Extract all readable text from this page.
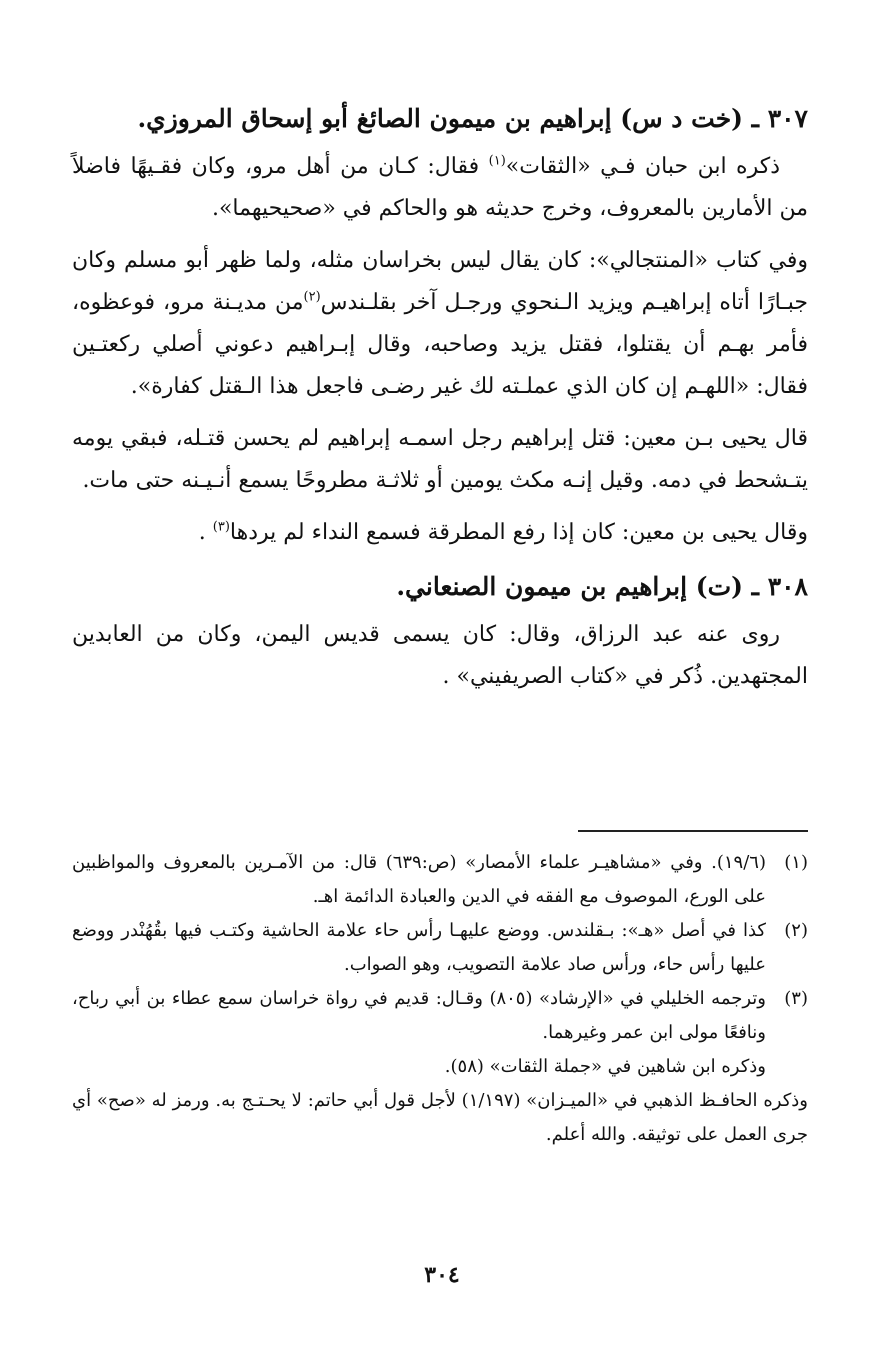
٣٠٧ ـ (خت د س) إبراهيم بن ميمون الصائغ أبو إسحاق المروزي.

ذكره ابن حبان فـي «الثقات»$^{(١)}$ فقال: كـان من أهل مرو، وكان فقـيهًا فاضلاً من الأمارين بالمعروف، وخرج حديثه هو والحاكم في «صحيحيهما».

وفي كتاب «المنتجالي»: كان يقال ليس بخراسان مثله، ولما ظهر أبو مسلم وكان جبـارًا أتاه إبراهيـم ويزيد الـنحوي ورجـل آخر بقلـندس$^{(٢)}$من مديـنة مرو، فوعظوه، فأمر بهـم أن يقتلوا، فقتل يزيد وصاحبه، وقال إبـراهيم دعوني أصلي ركعتـين فقال: «اللهـم إن كان الذي عملـته لك غير رضـى فاجعل هذا الـقتل كفارة».

قال يحيى بـن معين: قتل إبراهيم رجل اسمـه إبراهيم لم يحسن قتـله، فبقي يومه يتـشحط في دمه. وقيل إنـه مكث يومين أو ثلاثـة مطروحًا يسمع أنـيـنه حتى مات.

وقال يحيى بن معين: كان إذا رفع المطرقة فسمع النداء لم يردها$^{(٣)}$ .

٣٠٨ ـ (ت) إبراهيم بن ميمون الصنعاني.

روى عنه عبد الرزاق، وقال: كان يسمى قديس اليمن، وكان من العابدين المجتهدين. ذُكر في «كتاب الصريفيني» .

(١)
(١٩/٦). وفي «مشاهيـر علماء الأمصار» (ص:٦٣٩) قال: من الآمـرين بالمعروف والمواظبين على الورع، الموصوف مع الفقه في الدين والعبادة الدائمة اهـ.
(٢)
كذا في أصل «هـ»: بـقلندس. ووضع عليهـا رأس حاء علامة الحاشية وكتـب فيها بقُهُنْدر ووضع عليها رأس حاء، ورأس صاد علامة التصويب، وهو الصواب.
(٣)
وترجمه الخليلي في «الإرشاد» (٨٠٥) وقـال: قديم في رواة خراسان سمع عطاء بن أبي رباح، ونافعًا مولى ابن عمر وغيرهما.

وذكره ابن شاهين في «جملة الثقات» (٥٨).

وذكره الحافـظ الذهبي في «الميـزان» (١/١٩٧) لأجل قول أبي حاتم: لا يحـتـج به. ورمز له «صح» أي جرى العمل على توثيقه. والله أعلم.

٣٠٤
